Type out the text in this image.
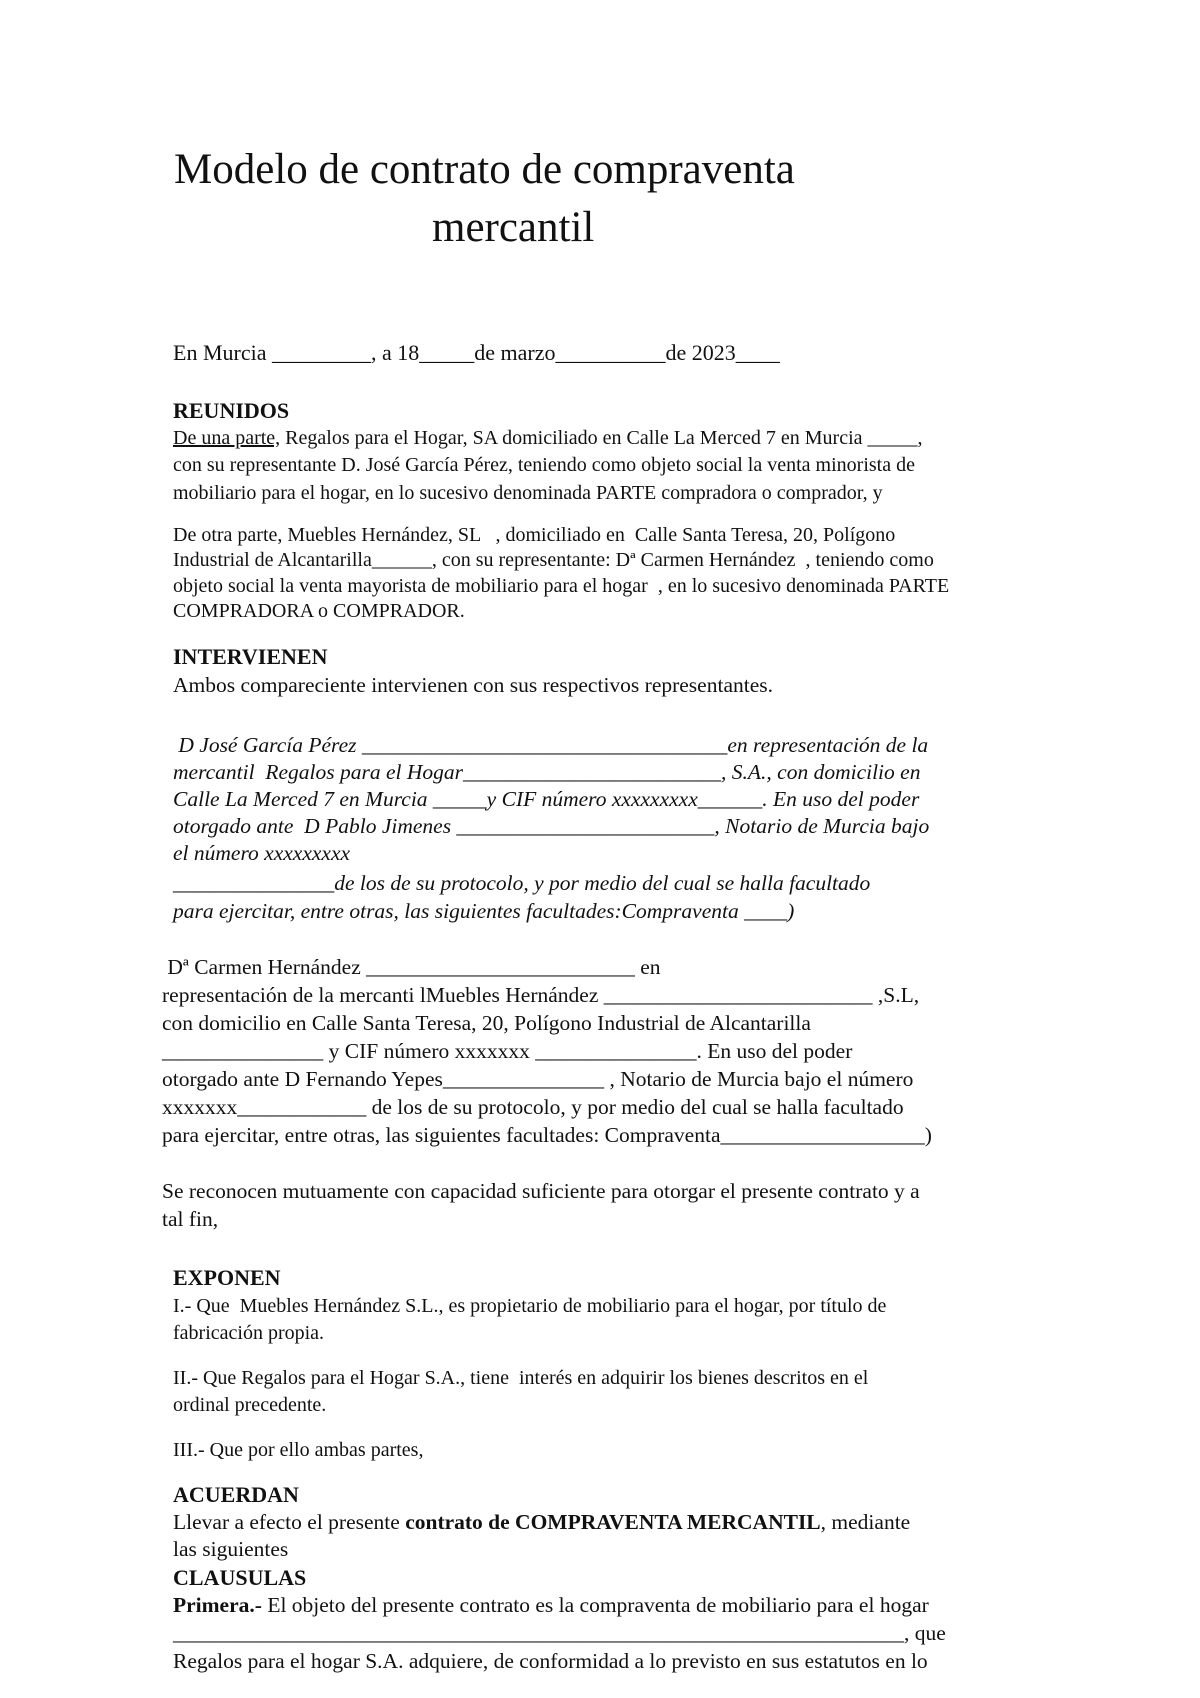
Modelo de contrato de compraventa
mercantil
En Murcia _________, a 18_____de marzo__________de 2023____
REUNIDOS
De una parte, Regalos para el Hogar, SA domiciliado en Calle La Merced 7 en Murcia _____,
con su representante D. José García Pérez, teniendo como objeto social la venta minorista de
mobiliario para el hogar, en lo sucesivo denominada PARTE compradora o comprador, y
De otra parte, Muebles Hernández, SL   , domiciliado en  Calle Santa Teresa, 20, Polígono
Industrial de Alcantarilla______, con su representante: Dª Carmen Hernández  , teniendo como
objeto social la venta mayorista de mobiliario para el hogar  , en lo sucesivo denominada PARTE
COMPRADORA o COMPRADOR.
INTERVIENEN
Ambos compareciente intervienen con sus respectivos representantes.
D José García Pérez __________________________________en representación de la
mercantil  Regalos para el Hogar________________________, S.A., con domicilio en
Calle La Merced 7 en Murcia _____y CIF número xxxxxxxxx______. En uso del poder
otorgado ante  D Pablo Jimenes ________________________, Notario de Murcia bajo
el número xxxxxxxxx
_______________de los de su protocolo, y por medio del cual se halla facultado
para ejercitar, entre otras, las siguientes facultades:Compraventa ____)
Dª Carmen Hernández _________________________ en
representación de la mercanti lMuebles Hernández _________________________ ,S.L,
con domicilio en Calle Santa Teresa, 20, Polígono Industrial de Alcantarilla
_______________ y CIF número xxxxxxx _______________. En uso del poder
otorgado ante D Fernando Yepes_______________ , Notario de Murcia bajo el número
xxxxxxx____________ de los de su protocolo, y por medio del cual se halla facultado
para ejercitar, entre otras, las siguientes facultades: Compraventa___________________)
Se reconocen mutuamente con capacidad suficiente para otorgar el presente contrato y a
tal fin,
EXPONEN
I.- Que  Muebles Hernández S.L., es propietario de mobiliario para el hogar, por título de
fabricación propia.
II.- Que Regalos para el Hogar S.A., tiene  interés en adquirir los bienes descritos en el
ordinal precedente.
III.- Que por ello ambas partes,
ACUERDAN
Llevar a efecto el presente contrato de COMPRAVENTA MERCANTIL, mediante
las siguientes
CLAUSULAS
Primera.- El objeto del presente contrato es la compraventa de mobiliario para el hogar
____________________________________________________________________, que
Regalos para el hogar S.A. adquiere, de conformidad a lo previsto en sus estatutos en lo
